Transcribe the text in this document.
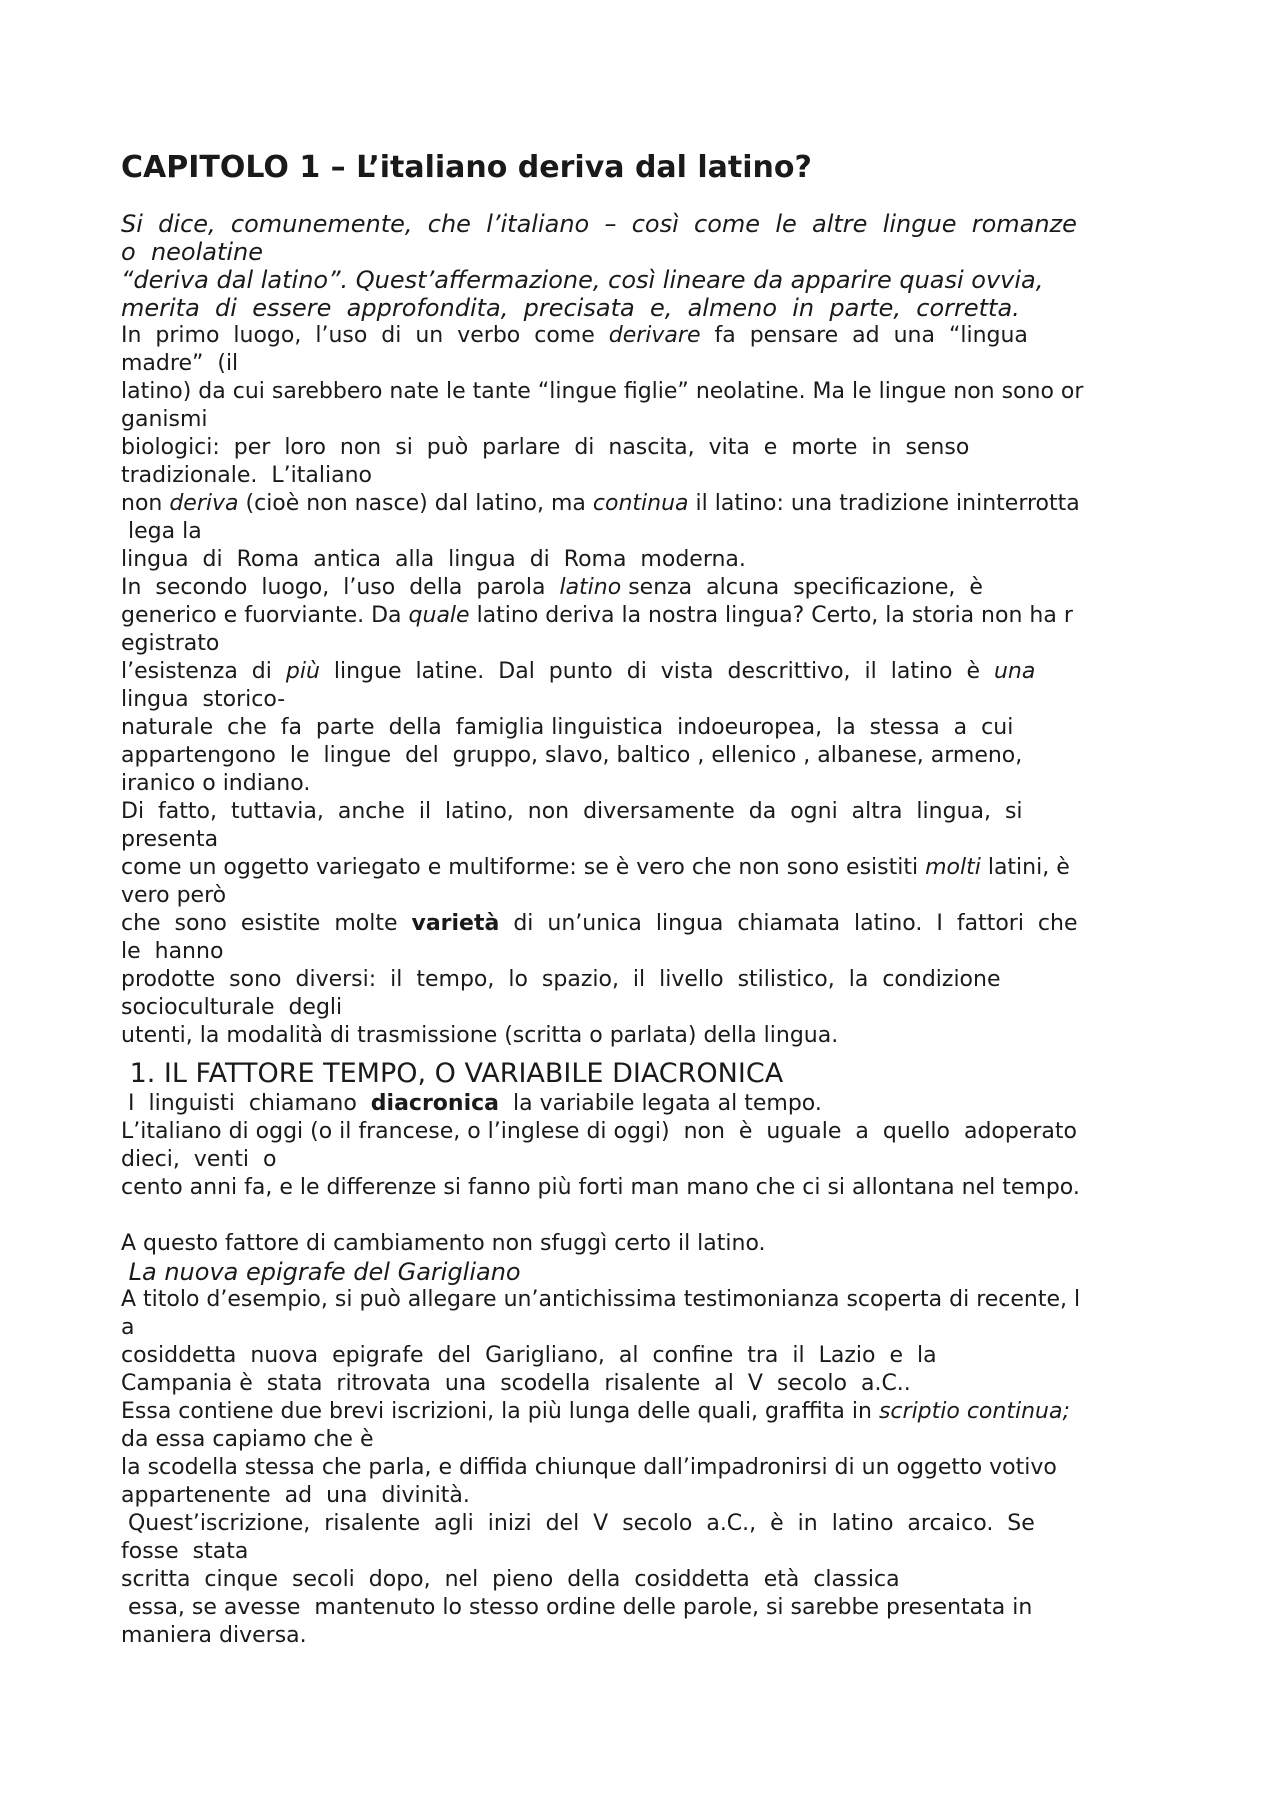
CAPITOLO 1 – L’italiano deriva dal latino?
Si  dice,  comunemente,  che  l’italiano  –  così  come  le  altre  lingue  romanze
o  neolatine
“deriva dal latino”. Quest’affermazione, così lineare da apparire quasi ovvia,
merita  di  essere  approfondita,  precisata  e,  almeno  in  parte,  corretta.
In  primo  luogo,  l’uso  di  un  verbo  come  derivare  fa  pensare  ad  una  “lingua
madre”  (il
latino) da cui sarebbero nate le tante “lingue figlie” neolatine. Ma le lingue non sono or
ganismi
biologici:  per  loro  non  si  può  parlare  di  nascita,  vita  e  morte  in  senso
tradizionale.  L’italiano
non deriva (cioè non nasce) dal latino, ma continua il latino: una tradizione ininterrotta
lega la
lingua  di  Roma  antica  alla  lingua  di  Roma  moderna.
In  secondo  luogo,  l’uso  della  parola  latino senza  alcuna  specificazione,  è
generico e fuorviante. Da quale latino deriva la nostra lingua? Certo, la storia non ha r
egistrato
l’esistenza  di  più  lingue  latine.  Dal  punto  di  vista  descrittivo,  il  latino  è  una
lingua  storico-
naturale  che  fa  parte  della  famiglia linguistica  indoeuropea,  la  stessa  a  cui
appartengono  le  lingue  del  gruppo, slavo, baltico , ellenico , albanese, armeno,
iranico o indiano.
Di  fatto,  tuttavia,  anche  il  latino,  non  diversamente  da  ogni  altra  lingua,  si
presenta
come un oggetto variegato e multiforme: se è vero che non sono esistiti molti latini, è
vero però
che  sono  esistite  molte  varietà  di  un’unica  lingua  chiamata  latino.  I  fattori  che
le  hanno
prodotte  sono  diversi:  il  tempo,  lo  spazio,  il  livello  stilistico,  la  condizione
socioculturale  degli
utenti, la modalità di trasmissione (scritta o parlata) della lingua.
1. IL FATTORE TEMPO, O VARIABILE DIACRONICA
I  linguisti  chiamano  diacronica  la variabile legata al tempo.
L’italiano di oggi (o il francese, o l’inglese di oggi)  non  è  uguale  a  quello  adoperato
dieci,  venti  o
cento anni fa, e le differenze si fanno più forti man mano che ci si allontana nel tempo.
A questo fattore di cambiamento non sfuggì certo il latino.
La nuova epigrafe del Garigliano
A titolo d’esempio, si può allegare un’antichissima testimonianza scoperta di recente, l
a
cosiddetta  nuova  epigrafe  del  Garigliano,  al  confine  tra  il  Lazio  e  la
Campania è  stata  ritrovata  una  scodella  risalente  al  V  secolo  a.C..
Essa contiene due brevi iscrizioni, la più lunga delle quali, graffita in scriptio continua;
da essa capiamo che è
la scodella stessa che parla, e diffida chiunque dall’impadronirsi di un oggetto votivo
appartenente  ad  una  divinità.
Quest’iscrizione,  risalente  agli  inizi  del  V  secolo  a.C.,  è  in  latino  arcaico.  Se
fosse  stata
scritta  cinque  secoli  dopo,  nel  pieno  della  cosiddetta  età  classica
essa, se avesse  mantenuto lo stesso ordine delle parole, si sarebbe presentata in
maniera diversa.
